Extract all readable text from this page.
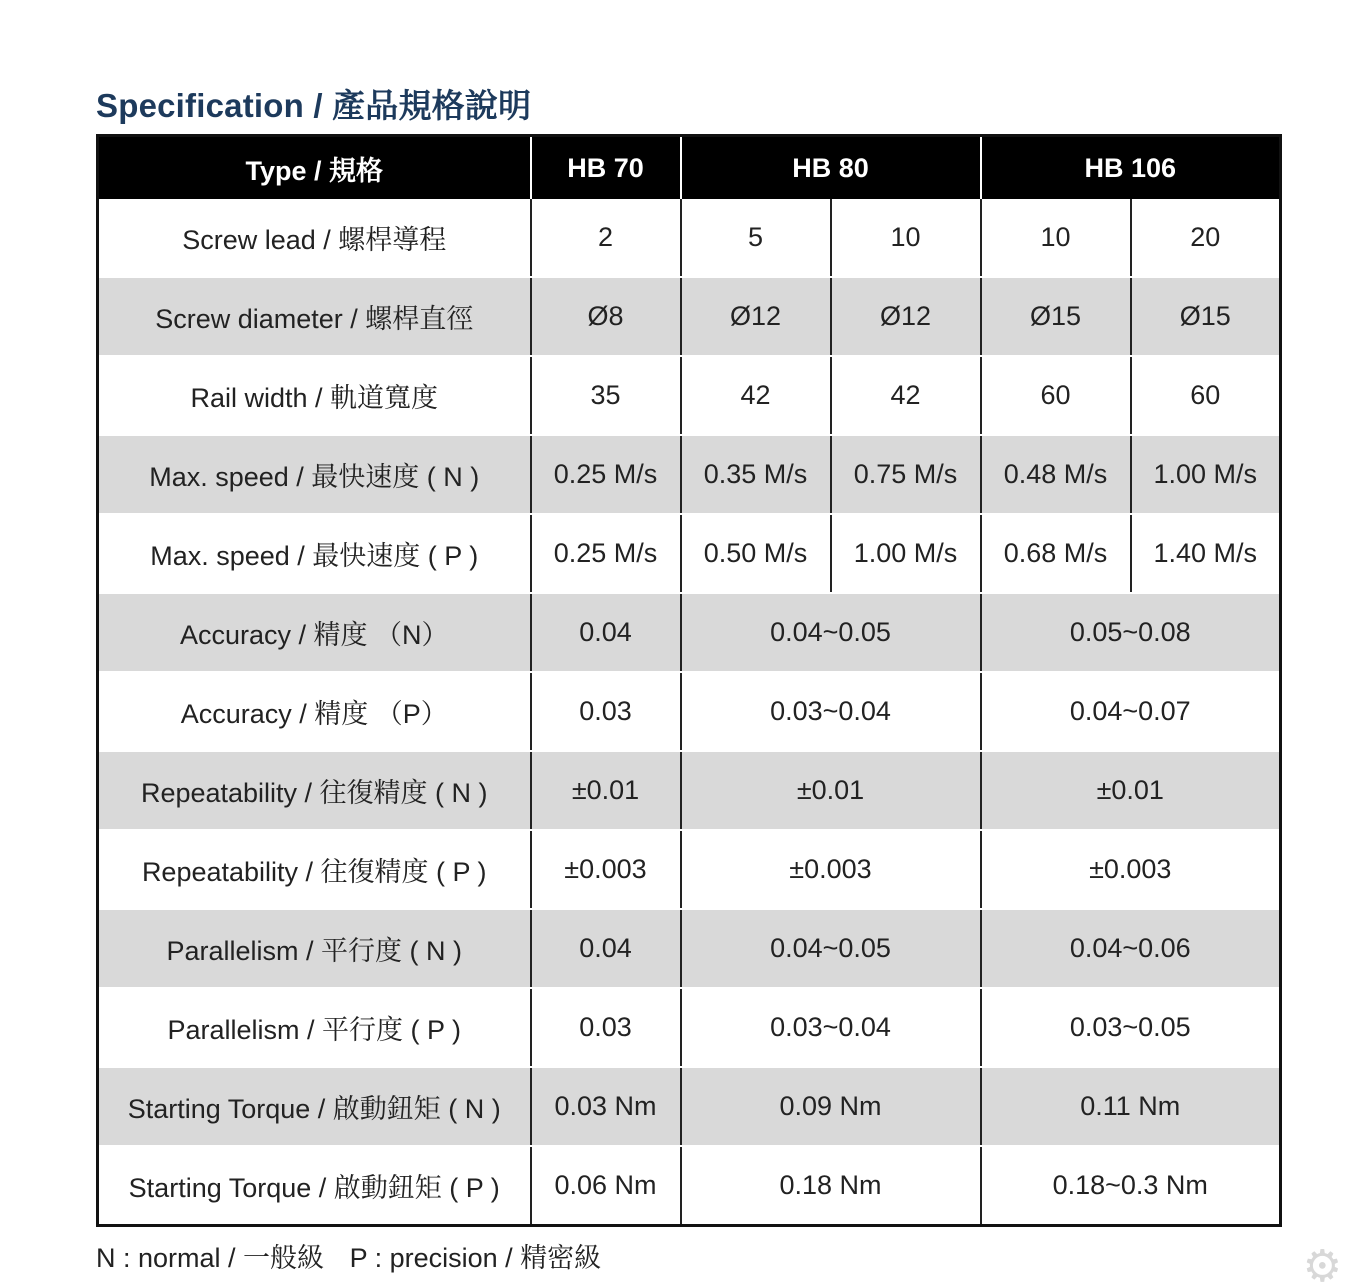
Specification / 產品規格說明
Type / 規格	HB 70	HB 80		HB 106	
Screw lead / 螺桿導程	2	5	10	10	20
Screw diameter / 螺桿直徑	Ø8	Ø12	Ø12	Ø15	Ø15
Rail width / 軌道寬度	35	42	42	60	60
Max. speed / 最快速度 ( N )	0.25 M/s	0.35 M/s	0.75 M/s	0.48 M/s	1.00 M/s
Max. speed / 最快速度 ( P )	0.25 M/s	0.50 M/s	1.00 M/s	0.68 M/s	1.40 M/s
Accuracy / 精度 （N）	0.04	0.04~0.05		0.05~0.08	
Accuracy / 精度 （P）	0.03	0.03~0.04		0.04~0.07	
Repeatability / 往復精度 ( N )	±0.01	±0.01		±0.01	
Repeatability / 往復精度 ( P )	±0.003	±0.003		±0.003	
Parallelism / 平行度 ( N )	0.04	0.04~0.05		0.04~0.06	
Parallelism / 平行度 ( P )	0.03	0.03~0.04		0.03~0.05	
Starting Torque / 啟動鈕矩 ( N )	0.03 Nm	0.09 Nm		0.11 Nm	
Starting Torque / 啟動鈕矩 ( P )	0.06 Nm	0.18 Nm		0.18~0.3 Nm	
N : normal / 一般級 P : precision / 精密級	⚙
